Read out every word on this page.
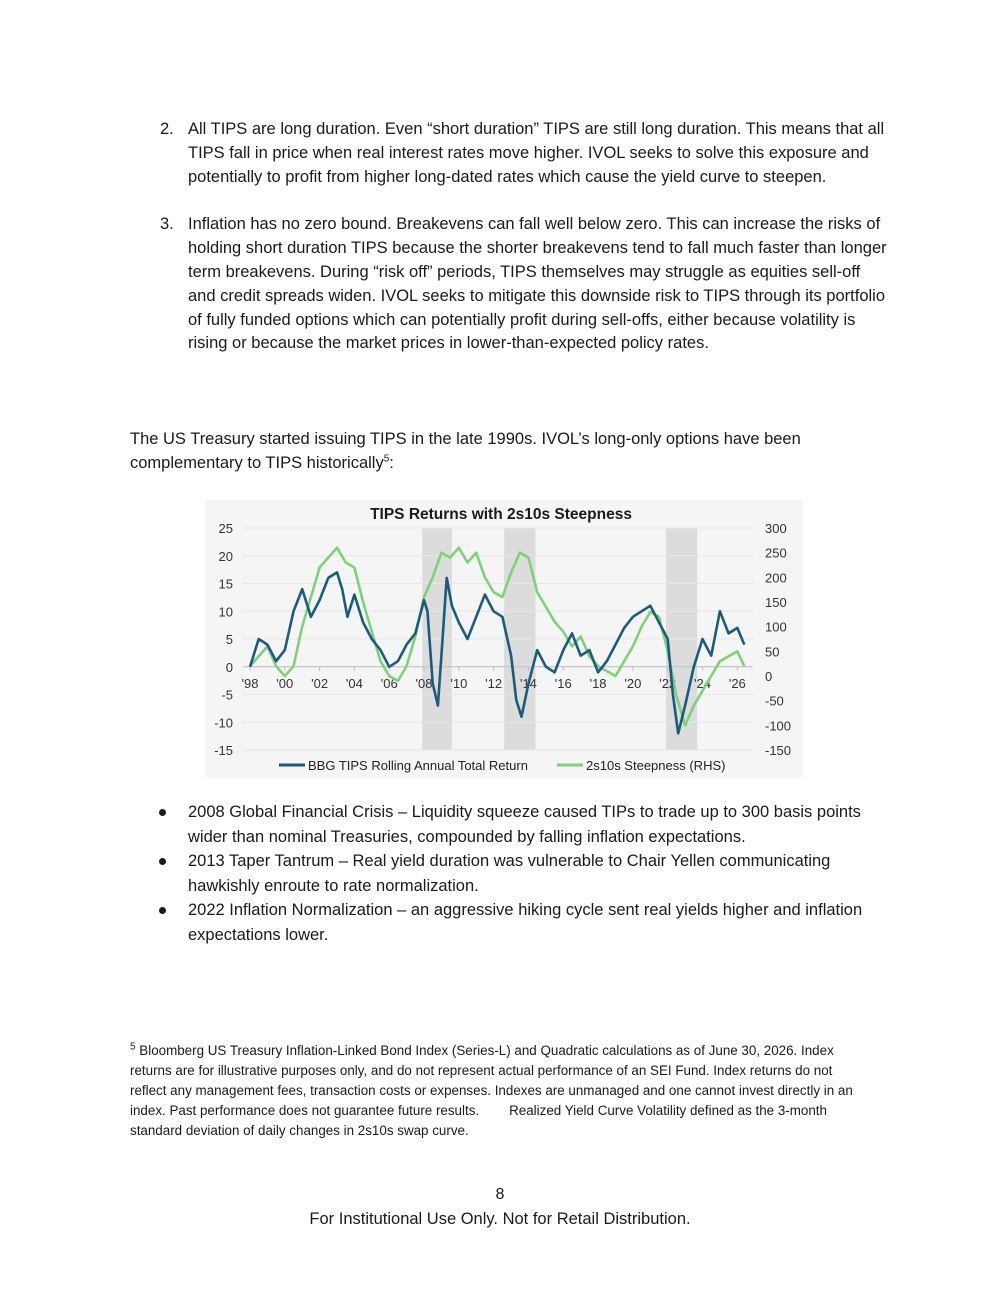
2. All TIPS are long duration. Even “short duration” TIPS are still long duration. This means that all TIPS fall in price when real interest rates move higher. IVOL seeks to solve this exposure and potentially to profit from higher long-dated rates which cause the yield curve to steepen.
3. Inflation has no zero bound. Breakevens can fall well below zero. This can increase the risks of holding short duration TIPS because the shorter breakevens tend to fall much faster than longer term breakevens. During “risk off” periods, TIPS themselves may struggle as equities sell-off and credit spreads widen. IVOL seeks to mitigate this downside risk to TIPS through its portfolio of fully funded options which can potentially profit during sell-offs, either because volatility is rising or because the market prices in lower-than-expected policy rates.

The US Treasury started issuing TIPS in the late 1990s. IVOL’s long-only options have been complementary to TIPS historically$^5$:

TIPS Returns with 2s10s Steepness
25
20
15
10
5
0
-5
-10
-15
300
250
200
150
100
50
0
-50
-100
-150
'98 '00 '02 '04 '06 '08 '10 '12 '14 '16 '18 '20 '22 '24 '26
BBG TIPS Rolling Annual Total Return	2s10s Steepness (RHS)
2008 Global Financial Crisis – Liquidity squeeze caused TIPs to trade up to 300 basis points wider than nominal Treasuries, compounded by falling inflation expectations.
2013 Taper Tantrum – Real yield duration was vulnerable to Chair Yellen communicating hawkishly enroute to rate normalization.
2022 Inflation Normalization – an aggressive hiking cycle sent real yields higher and inflation expectations lower.

$^5$ Bloomberg US Treasury Inflation-Linked Bond Index (Series-L) and Quadratic calculations as of June 30, 2026. Index returns are for illustrative purposes only, and do not represent actual performance of an SEI Fund. Index returns do not reflect any management fees, transaction costs or expenses. Indexes are unmanaged and one cannot invest directly in an index. Past performance does not guarantee future results. Realized Yield Curve Volatility defined as the 3-month standard deviation of daily changes in 2s10s swap curve.

8
For Institutional Use Only. Not for Retail Distribution.
